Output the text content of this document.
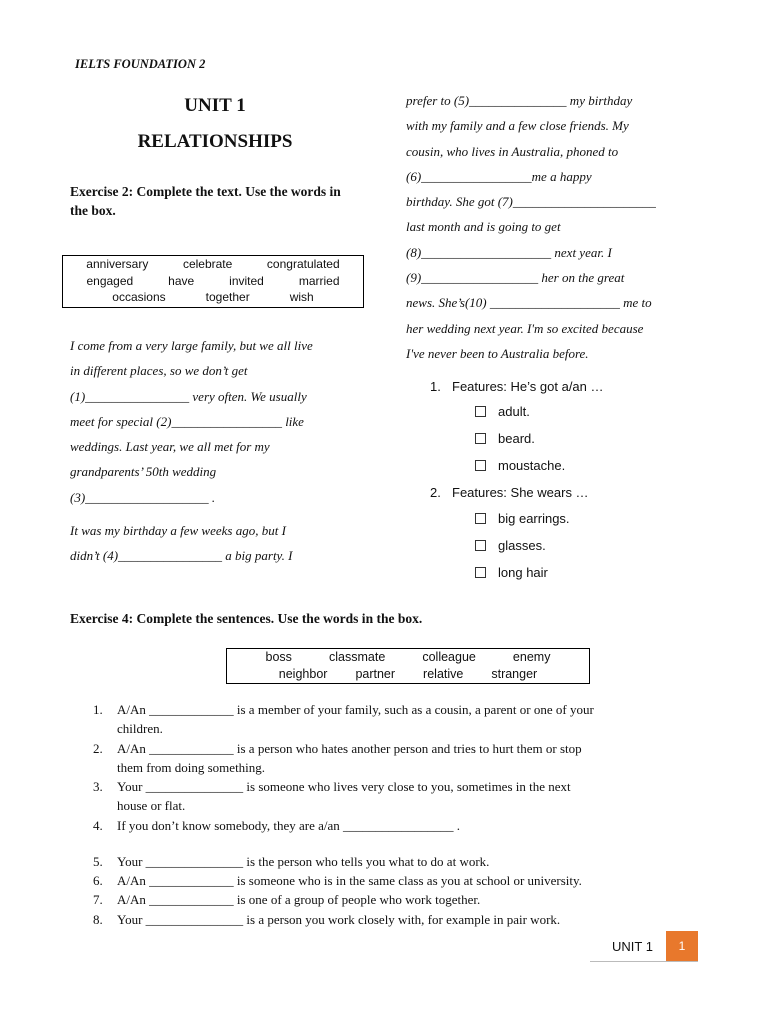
IELTS FOUNDATION 2
UNIT 1
RELATIONSHIPS
Exercise 2: Complete the text. Use the words in the box.
anniversary	celebrate	congratulated
engaged	have	invited	married
occasions	together	wish
I come from a very large family, but we all live
in different places, so we don’t get
(1)________________ very often. We usually
meet for special (2)_________________ like
weddings. Last year, we all met for my
grandparents’ 50th wedding
(3)___________________ .
It was my birthday a few weeks ago, but I
didn’t (4)________________ a big party. I
prefer to (5)_______________ my birthday
with my family and a few close friends. My
cousin, who lives in Australia, phoned to
(6)_________________me a happy
birthday. She got (7)______________________
last month and is going to get
(8)____________________ next year. I
(9)__________________ her on the great
news. She’s(10) ____________________ me to
her wedding next year. I'm so excited because
I've never been to Australia before.
1. Features: He’s got a/an …
adult.
beard.
moustache.
2. Features: She wears …
big earrings.
glasses.
long hair
Exercise 4: Complete the sentences. Use the words in the box.
boss	classmate	colleague	enemy
neighbor partner relative stranger
1. A/An _____________ is a member of your family, such as a cousin, a parent or one of your
children.
2. A/An _____________ is a person who hates another person and tries to hurt them or stop
them from doing something.
3. Your _______________ is someone who lives very close to you, sometimes in the next
house or flat.
4. If you don’t know somebody, they are a/an _________________ .
5. Your _______________ is the person who tells you what to do at work.
6. A/An _____________ is someone who is in the same class as you at school or university.
7. A/An _____________ is one of a group of people who work together.
8. Your _______________ is a person you work closely with, for example in pair work.
UNIT 1	1
